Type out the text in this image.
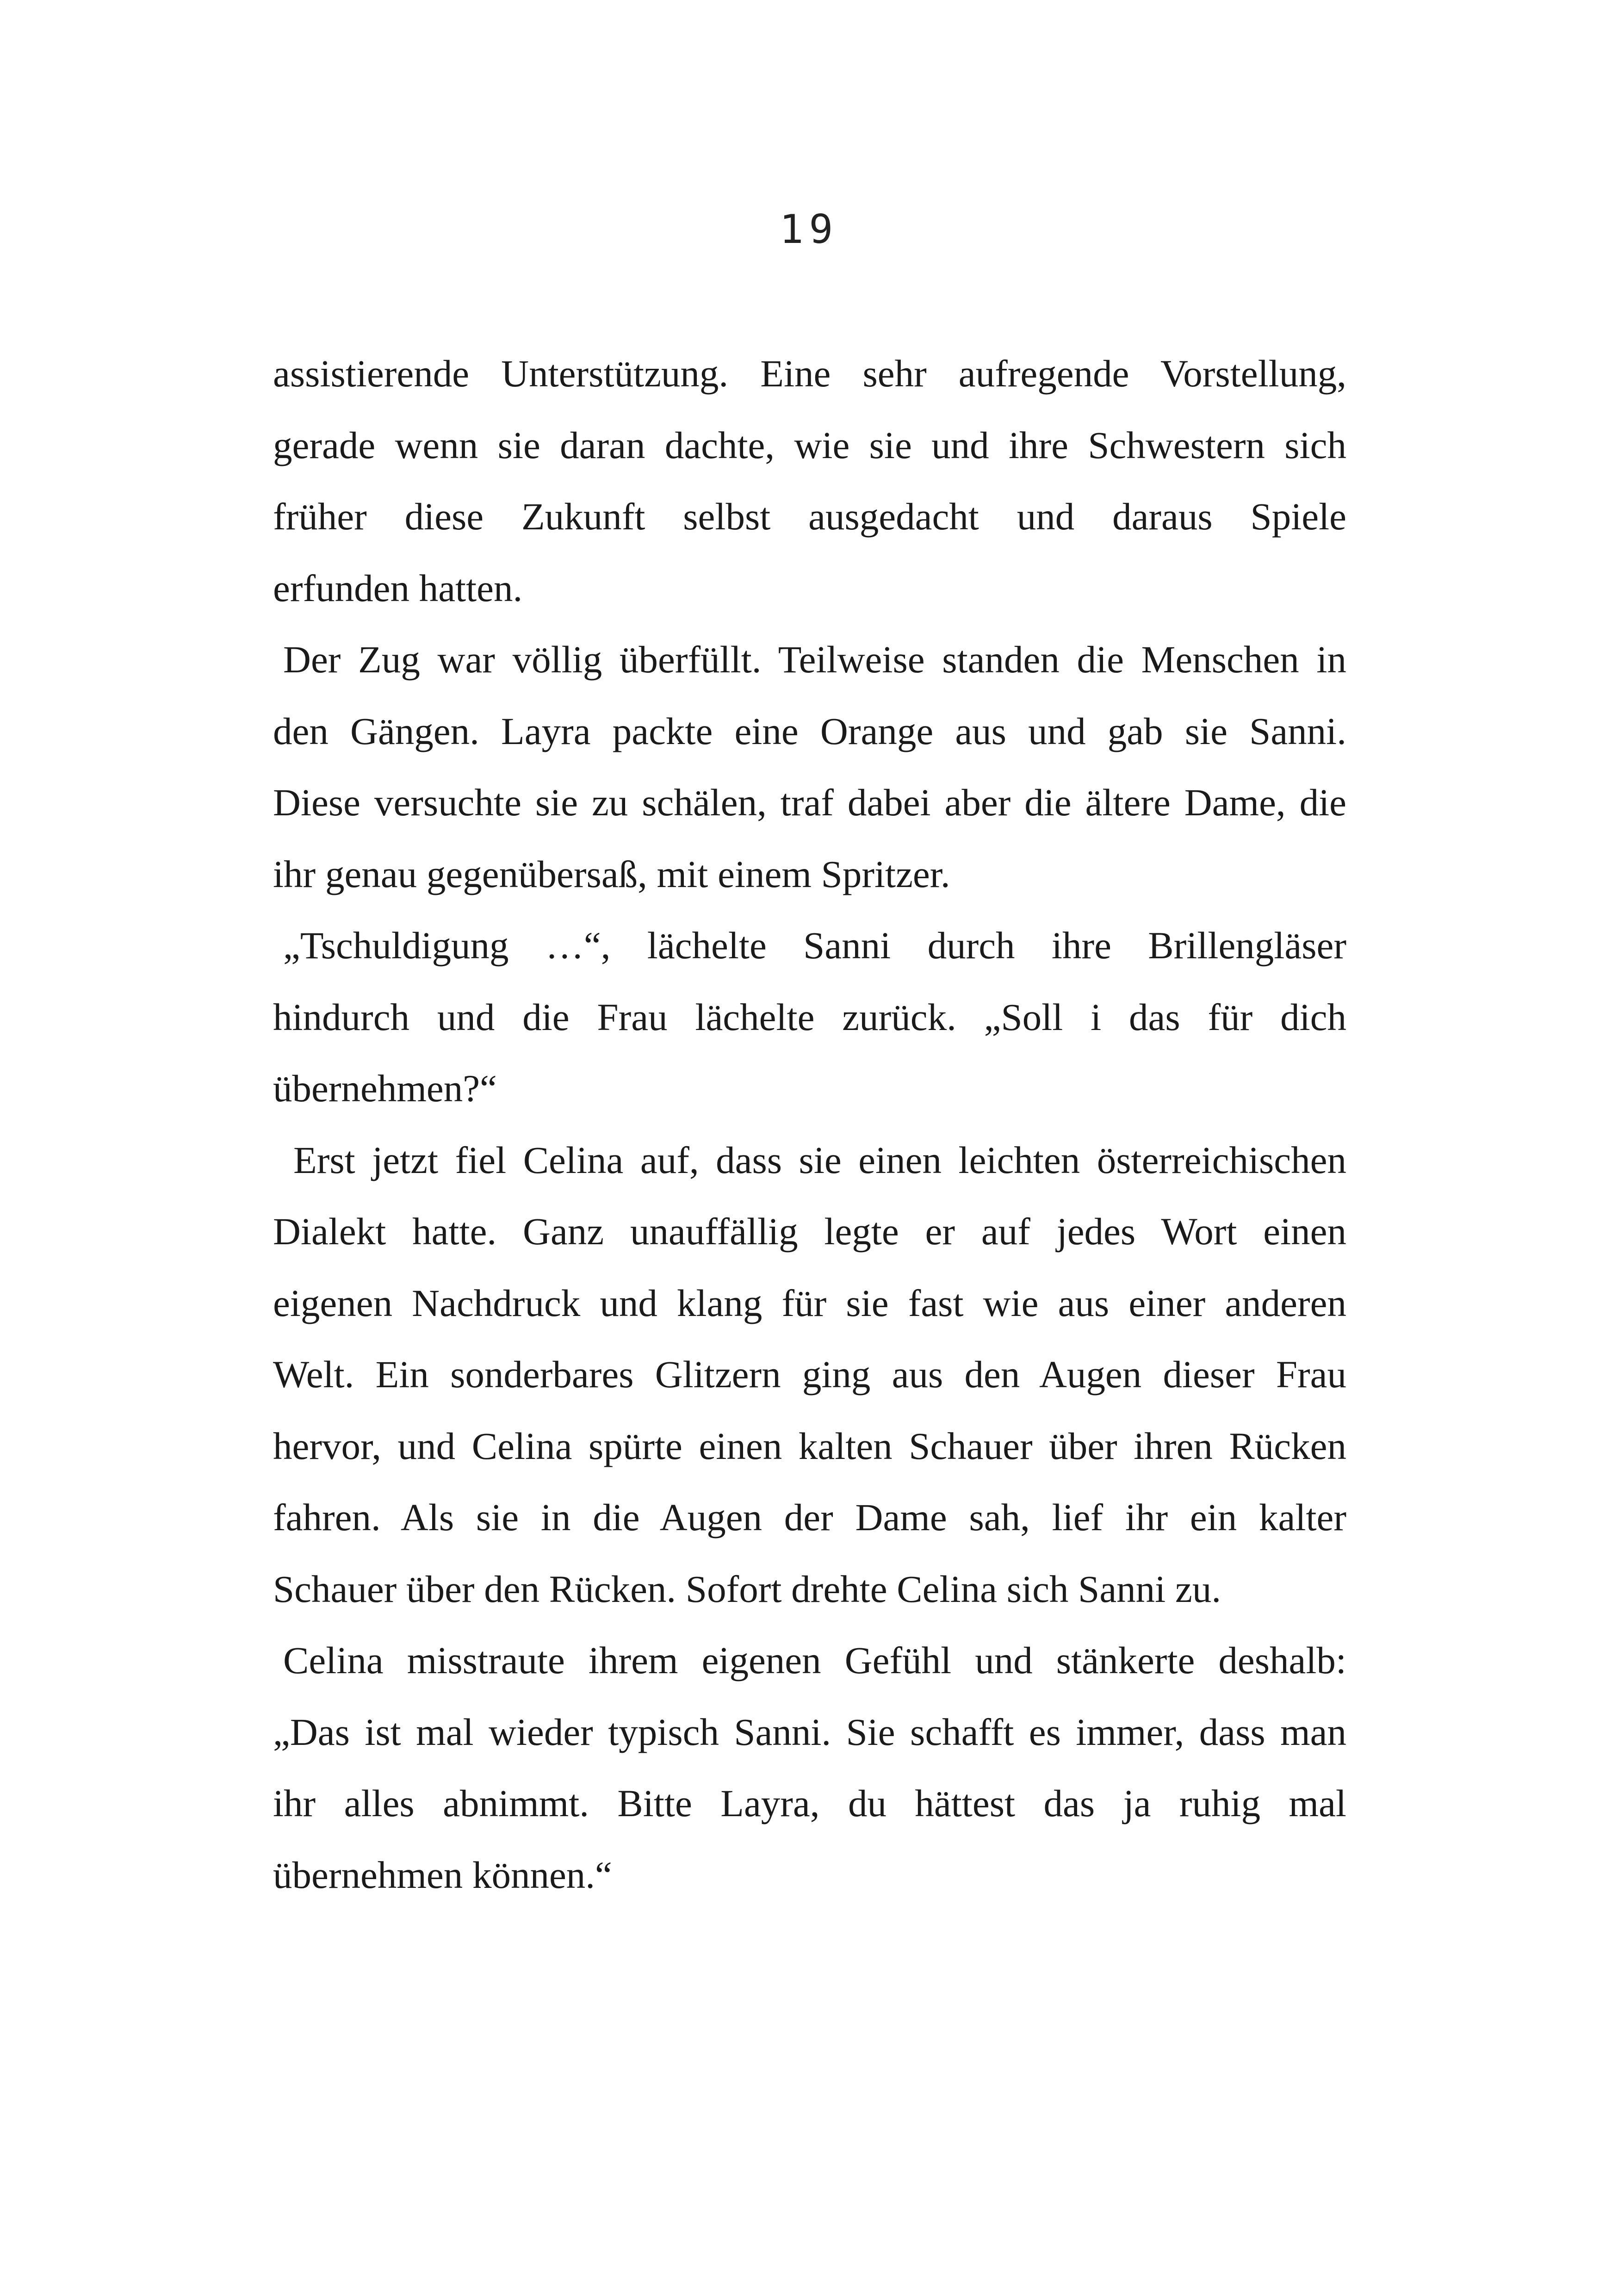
19
assistierende Unterstützung. Eine sehr aufregende Vorstellung,
gerade wenn sie daran dachte, wie sie und ihre Schwestern sich
früher diese Zukunft selbst ausgedacht und daraus Spiele
erfunden hatten.
Der Zug war völlig überfüllt. Teilweise standen die Menschen in
den Gängen. Layra packte eine Orange aus und gab sie Sanni.
Diese versuchte sie zu schälen, traf dabei aber die ältere Dame, die
ihr genau gegenübersaß, mit einem Spritzer.
„Tschuldigung …“, lächelte Sanni durch ihre Brillengläser
hindurch und die Frau lächelte zurück. „Soll i das für dich
übernehmen?“
Erst jetzt fiel Celina auf, dass sie einen leichten österreichischen
Dialekt hatte. Ganz unauffällig legte er auf jedes Wort einen
eigenen Nachdruck und klang für sie fast wie aus einer anderen
Welt. Ein sonderbares Glitzern ging aus den Augen dieser Frau
hervor, und Celina spürte einen kalten Schauer über ihren Rücken
fahren. Als sie in die Augen der Dame sah, lief ihr ein kalter
Schauer über den Rücken. Sofort drehte Celina sich Sanni zu.
Celina misstraute ihrem eigenen Gefühl und stänkerte deshalb:
„Das ist mal wieder typisch Sanni. Sie schafft es immer, dass man
ihr alles abnimmt. Bitte Layra, du hättest das ja ruhig mal
übernehmen können.“
